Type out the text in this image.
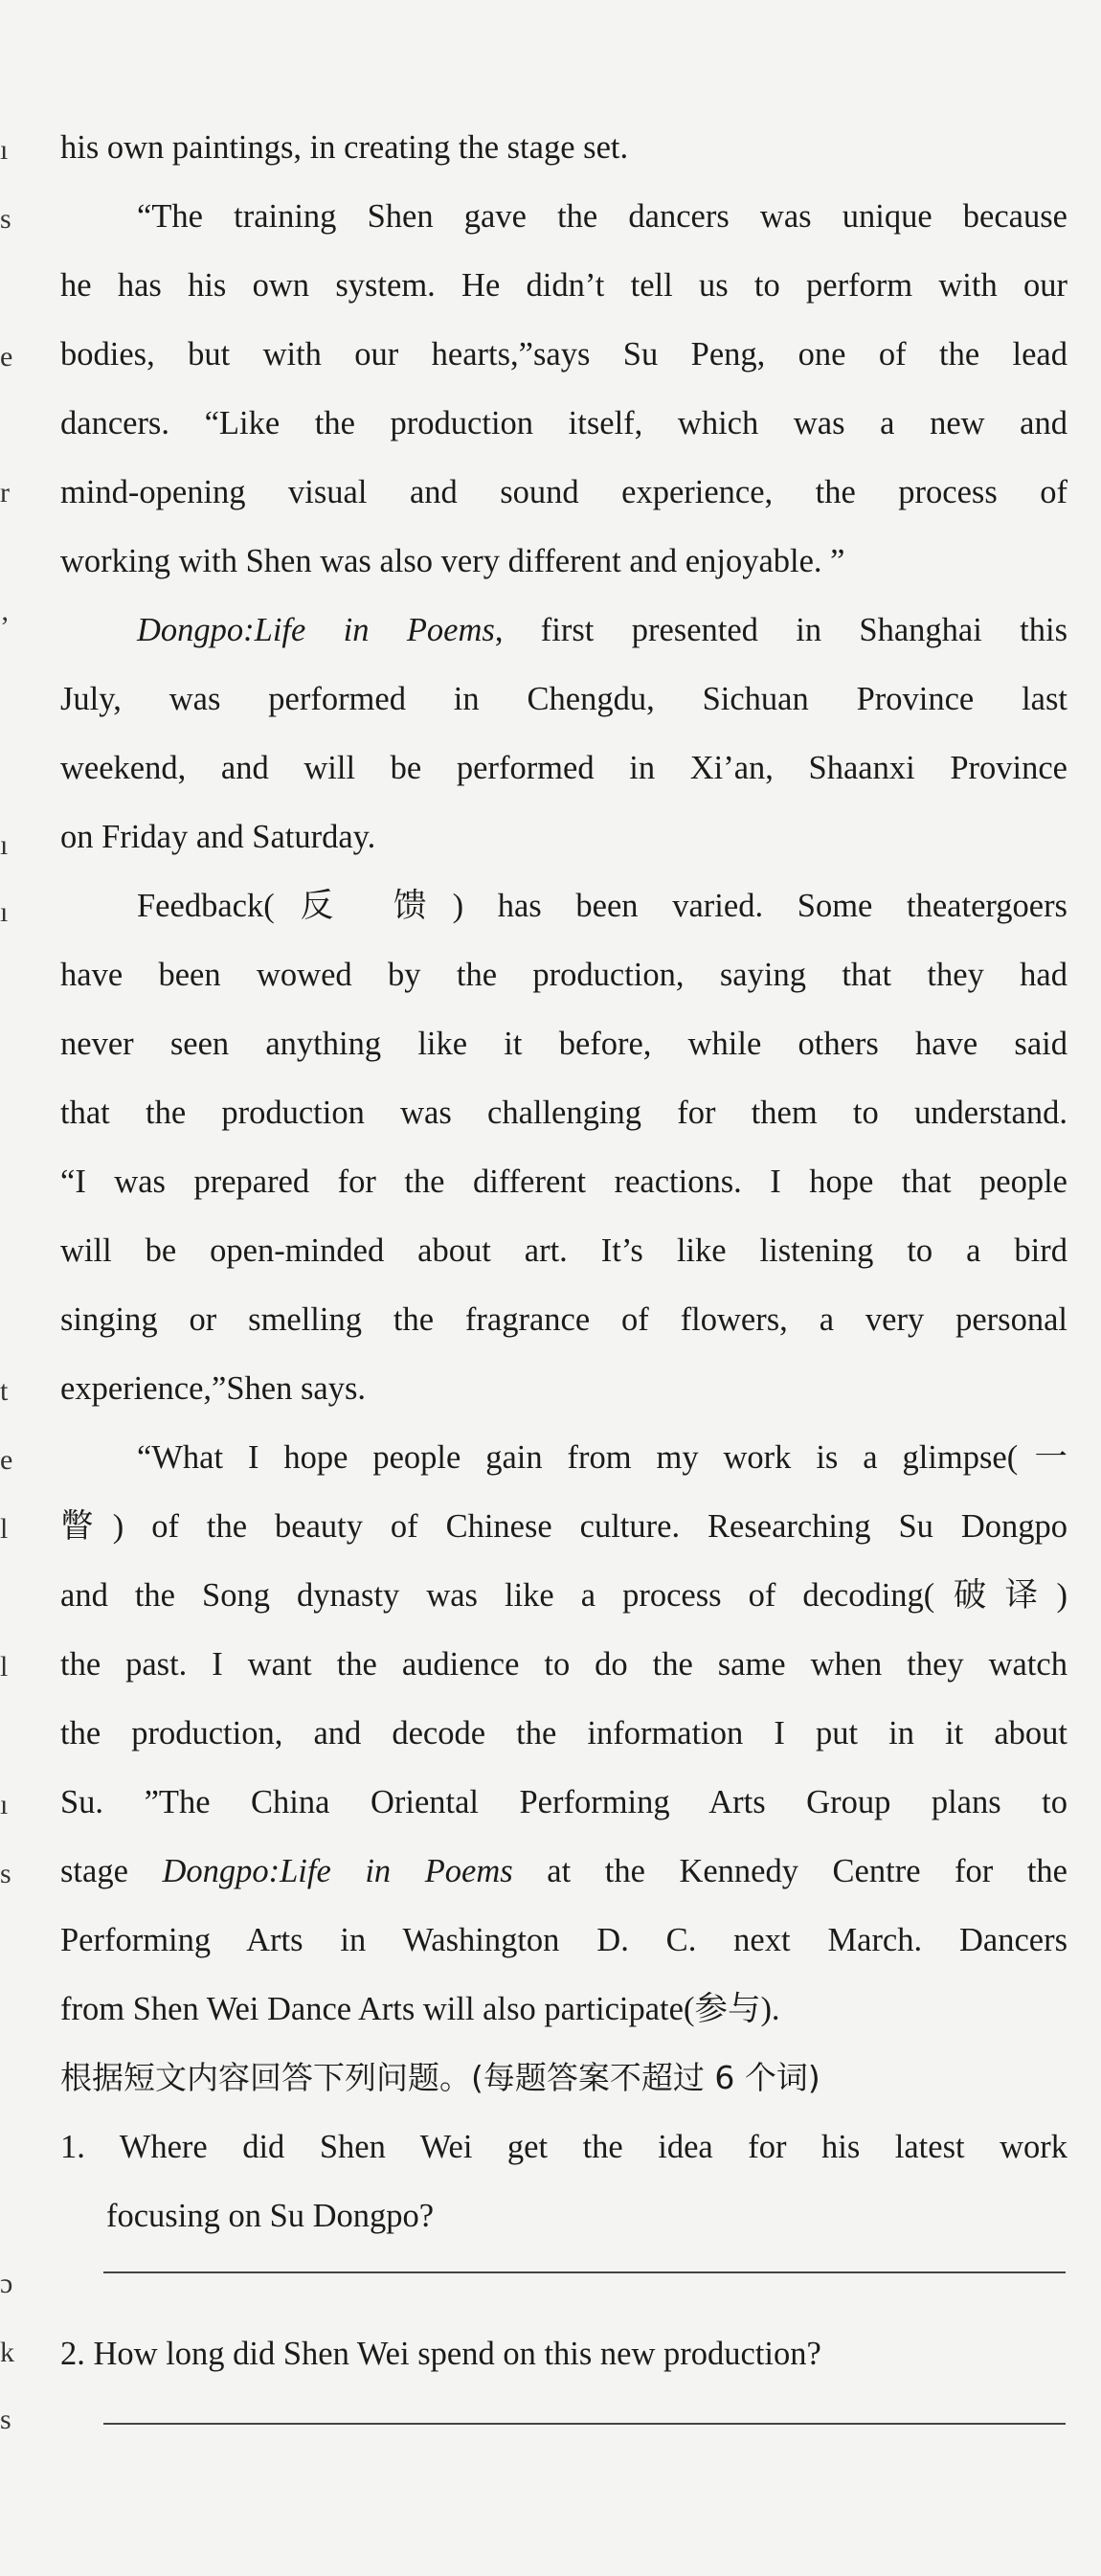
ı
s
e
r
’
ı
ı
t
e
l
l
ı
s
ɔ
k
s
his own paintings, in creating the stage set.
“The training Shen gave the dancers was unique because
he has his own system. He didn’t tell us to perform with our
bodies, but with our hearts,”says Su Peng, one of the lead
dancers. “Like the production itself, which was a new and
mind-opening visual and sound experience, the process of
working with Shen was also very different and enjoyable. ”
Dongpo:Life in Poems, first presented in Shanghai this
July, was performed in Chengdu, Sichuan Province last
weekend, and will be performed in Xi’an, Shaanxi Province
on Friday and Saturday.
Feedback(反 馈) has been varied. Some theatergoers
have been wowed by the production, saying that they had
never seen anything like it before, while others have said
that the production was challenging for them to understand.
“I was prepared for the different reactions. I hope that people
will be open-minded about art. It’s like listening to a bird
singing or smelling the fragrance of flowers, a very personal
experience,”Shen says.
“What I hope people gain from my work is a glimpse(一
瞥) of the beauty of Chinese culture. Researching Su Dongpo
and the Song dynasty was like a process of decoding(破译)
the past. I want the audience to do the same when they watch
the production, and decode the information I put in it about
Su. ”The China Oriental Performing Arts Group plans to
stage Dongpo:Life in Poems at the Kennedy Centre for the
Performing Arts in Washington D. C. next March. Dancers
from Shen Wei Dance Arts will also participate(参与).
根据短文内容回答下列问题。(每题答案不超过 6 个词)
1. Where did Shen Wei get the idea for his latest work
focusing on Su Dongpo?
2. How long did Shen Wei spend on this new production?
